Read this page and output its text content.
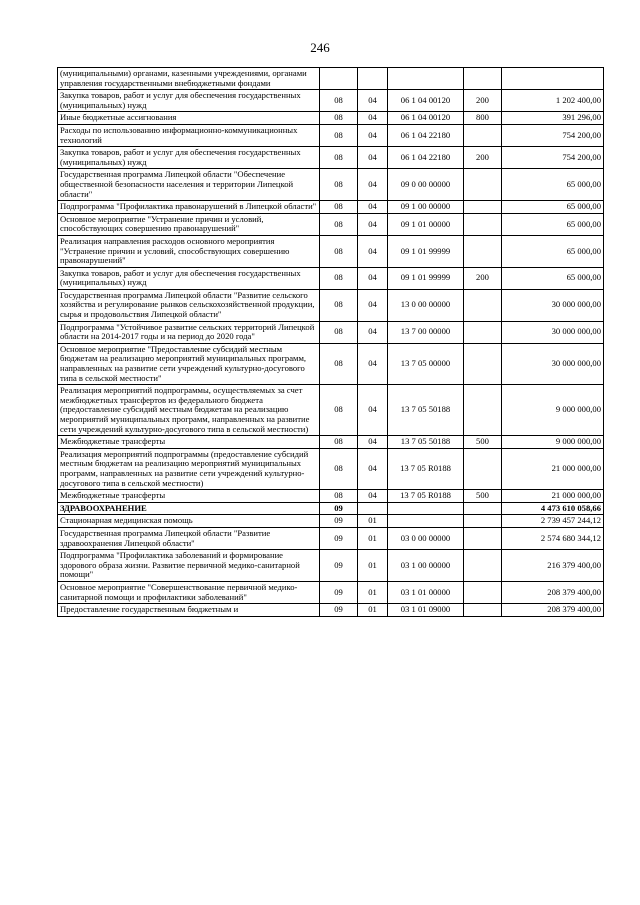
246
(муниципальными) органами, казенными учреждениями, органами управления государственными внебюджетными фондами					
Закупка товаров, работ и услуг для обеспечения государственных (муниципальных) нужд	08	04	06 1 04 00120	200	1 202 400,00
Иные бюджетные ассигнования	08	04	06 1 04 00120	800	391 296,00
Расходы по использованию информационно-коммуникационных технологий	08	04	06 1 04 22180		754 200,00
Закупка товаров, работ и услуг для обеспечения государственных (муниципальных) нужд	08	04	06 1 04 22180	200	754 200,00
Государственная программа Липецкой области "Обеспечение общественной безопасности населения и территории Липецкой области"	08	04	09 0 00 00000		65 000,00
Подпрограмма "Профилактика правонарушений в Липецкой области"	08	04	09 1 00 00000		65 000,00
Основное мероприятие "Устранение причин и условий, способствующих совершению правонарушений"	08	04	09 1 01 00000		65 000,00
Реализация направления расходов основного мероприятия "Устранение причин и условий, способствующих совершению правонарушений"	08	04	09 1 01 99999		65 000,00
Закупка товаров, работ и услуг для обеспечения государственных (муниципальных) нужд	08	04	09 1 01 99999	200	65 000,00
Государственная программа Липецкой области "Развитие сельского хозяйства и регулирование рынков сельскохозяйственной продукции, сырья и продовольствия Липецкой области"	08	04	13 0 00 00000		30 000 000,00
Подпрограмма "Устойчивое развитие сельских территорий Липецкой области на 2014-2017 годы и на период до 2020 года"	08	04	13 7 00 00000		30 000 000,00
Основное мероприятие "Предоставление субсидий местным бюджетам на реализацию мероприятий муниципальных программ, направленных на развитие сети учреждений культурно-досугового типа в сельской местности"	08	04	13 7 05 00000		30 000 000,00
Реализация мероприятий подпрограммы, осуществляемых за счет межбюджетных трансфертов из федерального бюджета (предоставление субсидий местным бюджетам на реализацию мероприятий муниципальных программ, направленных на развитие сети учреждений культурно-досугового типа в сельской местности)	08	04	13 7 05 50188		9 000 000,00
Межбюджетные трансферты	08	04	13 7 05 50188	500	9 000 000,00
Реализация мероприятий подпрограммы (предоставление субсидий местным бюджетам на реализацию мероприятий муниципальных программ, направленных на развитие сети учреждений культурно-досугового типа в сельской местности)	08	04	13 7 05 R0188		21 000 000,00
Межбюджетные трансферты	08	04	13 7 05 R0188	500	21 000 000,00
ЗДРАВООХРАНЕНИЕ	09				4 473 610 058,66
Стационарная медицинская помощь	09	01			2 739 457 244,12
Государственная программа Липецкой области "Развитие здравоохранения Липецкой области"	09	01	03 0 00 00000		2 574 680 344,12
Подпрограмма "Профилактика заболеваний и формирование здорового образа жизни. Развитие первичной медико-санитарной помощи"	09	01	03 1 00 00000		216 379 400,00
Основное мероприятие "Совершенствование первичной медико-санитарной помощи и профилактики заболеваний"	09	01	03 1 01 00000		208 379 400,00
Предоставление государственным бюджетным и	09	01	03 1 01 09000		208 379 400,00
